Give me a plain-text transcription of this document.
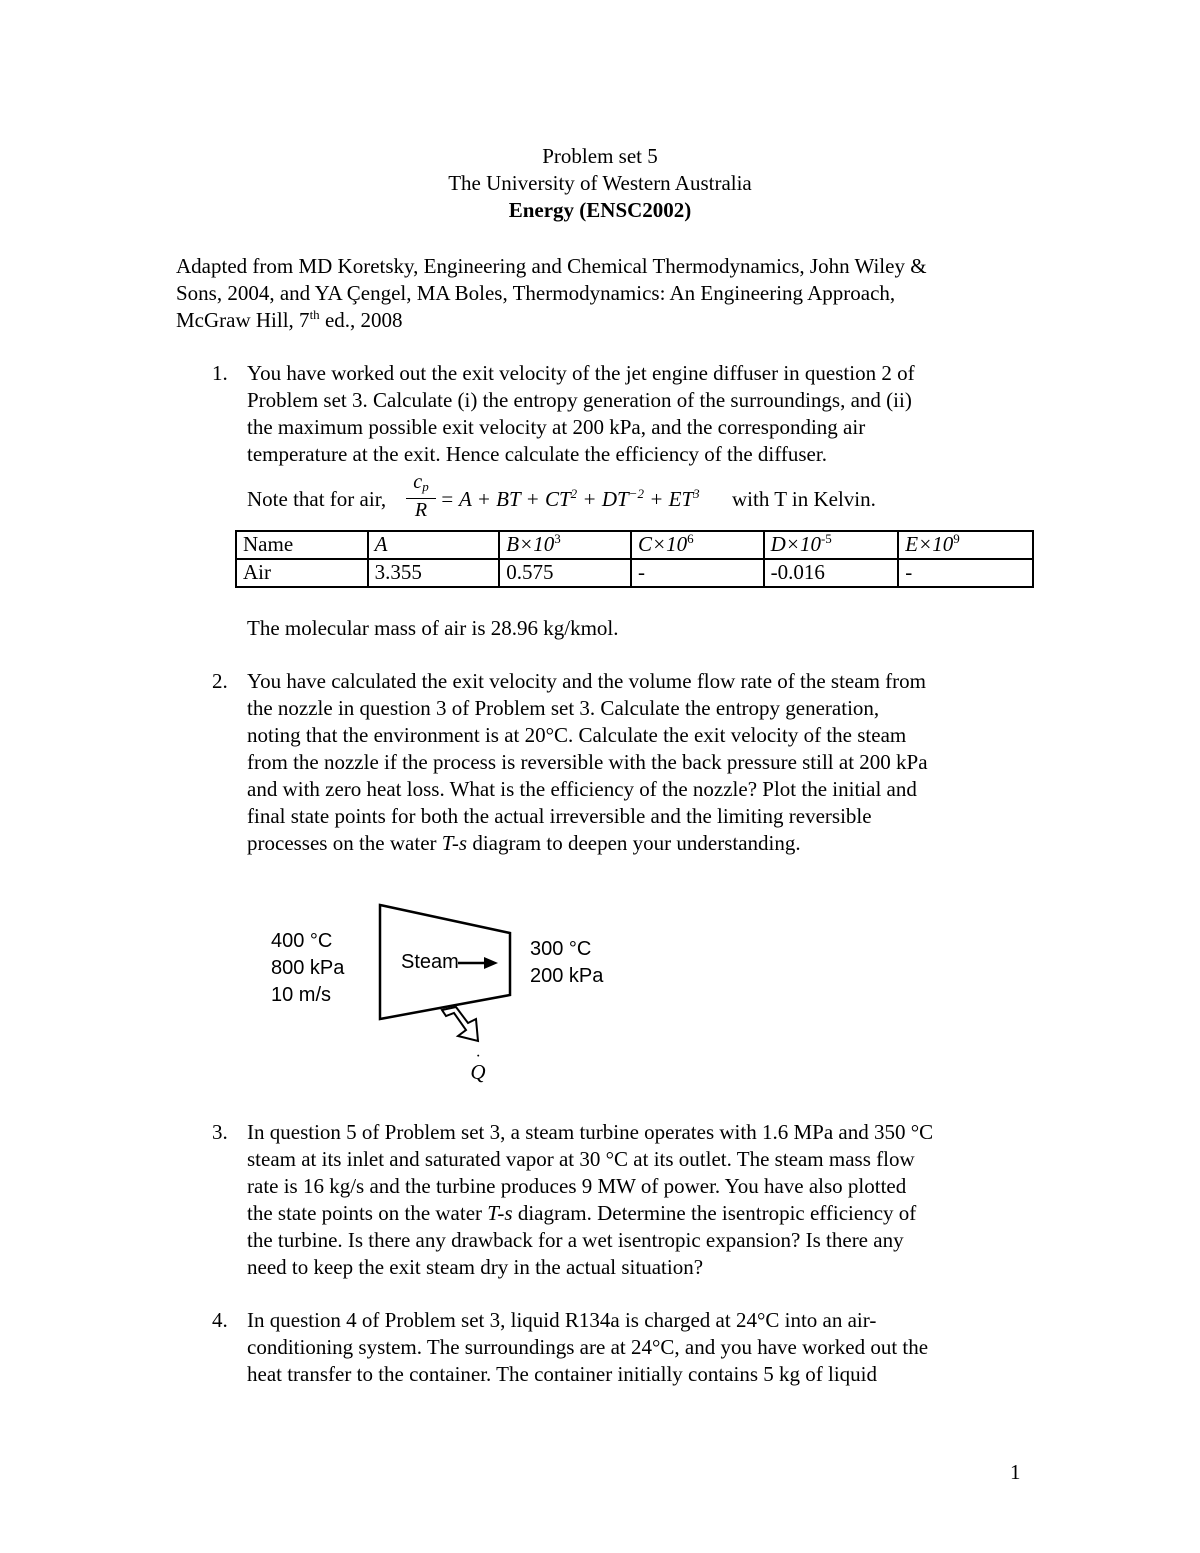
Problem set 5
The University of Western Australia
Energy (ENSC2002)
Adapted from MD Koretsky, Engineering and Chemical Thermodynamics, John Wiley &
Sons, 2004, and YA Çengel, MA Boles, Thermodynamics: An Engineering Approach,
McGraw Hill, 7th ed., 2008
1. You have worked out the exit velocity of the jet engine diffuser in question 2 of
Problem set 3. Calculate (i) the entropy generation of the surroundings, and (ii)
the maximum possible exit velocity at 200 kPa, and the corresponding air
temperature at the exit. Hence calculate the efficiency of the diffuser.
Note that for air,
$c_p$
R = A + BT + $CT^2 + DT^{-2} + ET^3$ with T in Kelvin.
Name	A	$B\times 10^3$	$C\times 10^6$	$D\times 10^{-5}$	$E\times 10^9$
Air	3.355	0.575	-	-0.016	-
The molecular mass of air is 28.96 kg/kmol.
2. You have calculated the exit velocity and the volume flow rate of the steam from
the nozzle in question 3 of Problem set 3. Calculate the entropy generation,
noting that the environment is at 20°C. Calculate the exit velocity of the steam
from the nozzle if the process is reversible with the back pressure still at 200 kPa
and with zero heat loss. What is the efficiency of the nozzle? Plot the initial and
final state points for both the actual irreversible and the limiting reversible
processes on the water T-s diagram to deepen your understanding.
Steam
400 °C
800 kPa
10 m/s
300 °C
200 kPa
·
Q
3. In question 5 of Problem set 3, a steam turbine operates with 1.6 MPa and 350 °C
steam at its inlet and saturated vapor at 30 °C at its outlet. The steam mass flow
rate is 16 kg/s and the turbine produces 9 MW of power. You have also plotted
the state points on the water T-s diagram. Determine the isentropic efficiency of
the turbine. Is there any drawback for a wet isentropic expansion? Is there any
need to keep the exit steam dry in the actual situation?
4. In question 4 of Problem set 3, liquid R134a is charged at 24°C into an air-
conditioning system. The surroundings are at 24°C, and you have worked out the
heat transfer to the container. The container initially contains 5 kg of liquid
1
